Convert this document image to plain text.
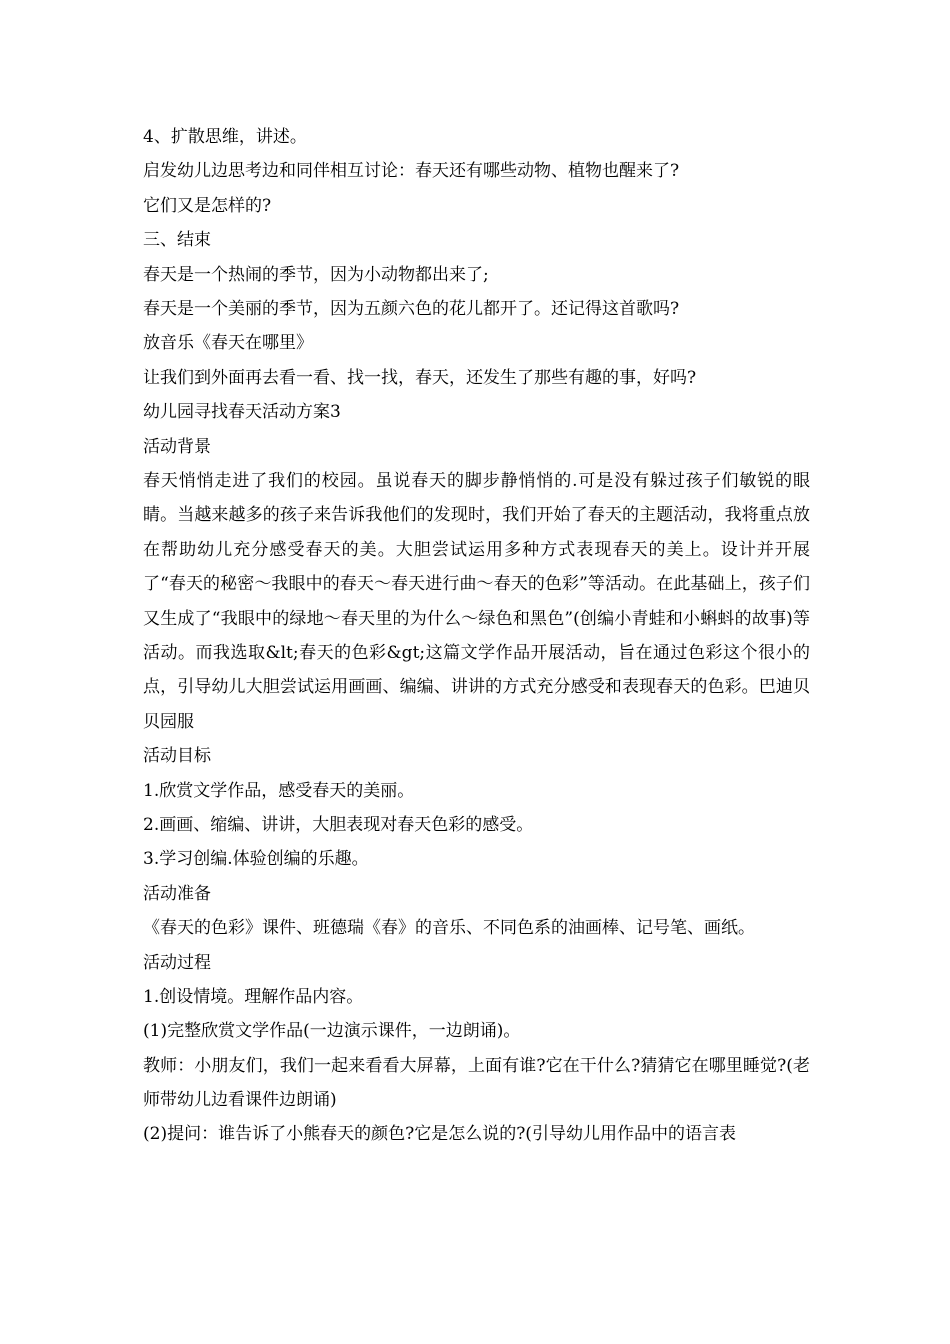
4、扩散思维，讲述。
启发幼儿边思考边和同伴相互讨论：春天还有哪些动物、植物也醒来了?
它们又是怎样的?
三、结束
春天是一个热闹的季节，因为小动物都出来了;
春天是一个美丽的季节，因为五颜六色的花儿都开了。还记得这首歌吗?
放音乐《春天在哪里》
让我们到外面再去看一看、找一找，春天，还发生了那些有趣的事，好吗?
幼儿园寻找春天活动方案3
活动背景
春天悄悄走进了我们的校园。虽说春天的脚步静悄悄的.可是没有躲过孩子们敏锐的眼睛。当越来越多的孩子来告诉我他们的发现时，我们开始了春天的主题活动，我将重点放在帮助幼儿充分感受春天的美。大胆尝试运用多种方式表现春天的美上。设计并开展了“春天的秘密～我眼中的春天～春天进行曲～春天的色彩”等活动。在此基础上，孩子们又生成了“我眼中的绿地～春天里的为什么～绿色和黑色”(创编小青蛙和小蝌蚪的故事)等活动。而我选取&lt;春天的色彩&gt;这篇文学作品开展活动，旨在通过色彩这个很小的点，引导幼儿大胆尝试运用画画、编编、讲讲的方式充分感受和表现春天的色彩。巴迪贝贝园服
活动目标
1.欣赏文学作品，感受春天的美丽。
2.画画、缩编、讲讲，大胆表现对春天色彩的感受。
3.学习创编.体验创编的乐趣。
活动准备
《春天的色彩》课件、班德瑞《春》的音乐、不同色系的油画棒、记号笔、画纸。
活动过程
1.创设情境。理解作品内容。
(1)完整欣赏文学作品(一边演示课件，一边朗诵)。
教师：小朋友们，我们一起来看看大屏幕，上面有谁?它在干什么?猜猜它在哪里睡觉?(老师带幼儿边看课件边朗诵)
(2)提问：谁告诉了小熊春天的颜色?它是怎么说的?(引导幼儿用作品中的语言表
